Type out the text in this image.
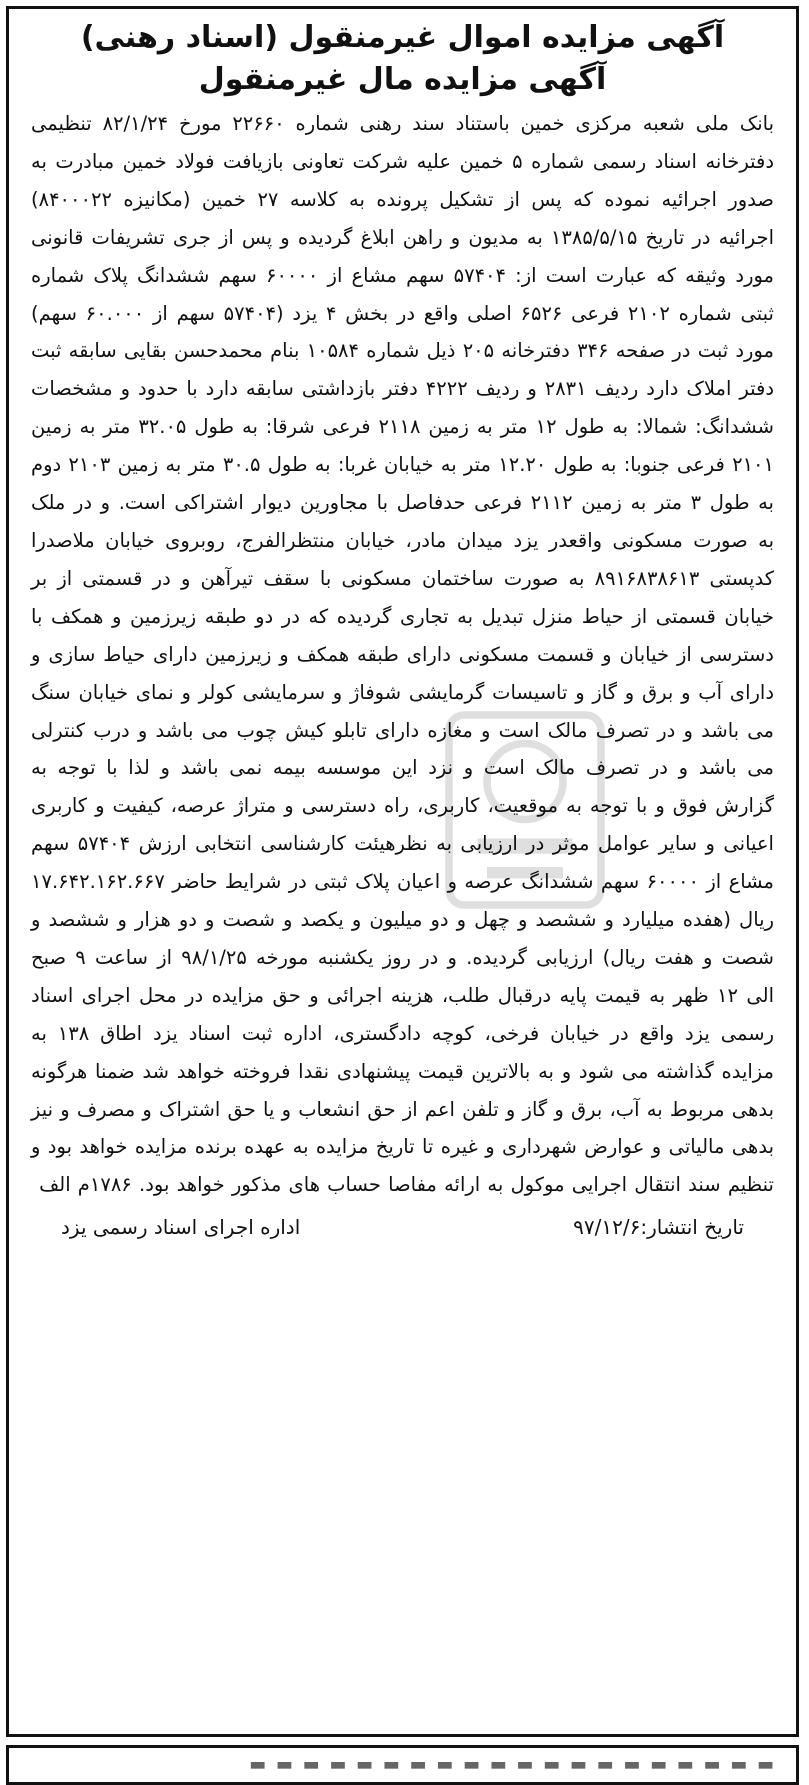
آگهی مزایده اموال غیرمنقول (اسناد رهنی)
آگهی مزایده مال غیرمنقول

بانک ملی شعبه مرکزی خمین باستناد سند رهنی شماره ۲۲۶۶۰ مورخ ۸۲/۱/۲۴ تنظیمی دفترخانه اسناد رسمی شماره ۵ خمین علیه شرکت تعاونی بازیافت فولاد خمین مبادرت به صدور اجرائیه نموده که پس از تشکیل پرونده به کلاسه ۲۷ خمین (مکانیزه ۸۴۰۰۰۲۲) اجرائیه در تاریخ ۱۳۸۵/۵/۱۵ به مدیون و راهن ابلاغ گردیده و پس از جری تشریفات قانونی مورد وثیقه که عبارت است از: ۵۷۴۰۴ سهم مشاع از ۶۰۰۰۰ سهم ششدانگ پلاک شماره ثبتی شماره ۲۱۰۲ فرعی ۶۵۲۶ اصلی واقع در بخش ۴ یزد (۵۷۴۰۴ سهم از ۶۰.۰۰۰ سهم) مورد ثبت در صفحه ۳۴۶ دفترخانه ۲۰۵ ذیل شماره ۱۰۵۸۴ بنام محمدحسن بقایی سابقه ثبت دفتر املاک دارد ردیف ۲۸۳۱ و ردیف ۴۲۲۲ دفتر بازداشتی سابقه دارد با حدود و مشخصات ششدانگ: شمالا: به طول ۱۲ متر به زمین ۲۱۱۸ فرعی شرقا: به طول ۳۲.۰۵ متر به زمین ۲۱۰۱ فرعی جنوبا: به طول ۱۲.۲۰ متر به خیابان غربا: به طول ۳۰.۵ متر به زمین ۲۱۰۳ دوم به طول ۳ متر به زمین ۲۱۱۲ فرعی حدفاصل با مجاورین دیوار اشتراکی است. و در ملک به صورت مسکونی واقعدر یزد میدان مادر، خیابان منتظرالفرج، روبروی خیابان ملاصدرا کدپستی ۸۹۱۶۸۳۸۶۱۳ به صورت ساختمان مسکونی با سقف تیرآهن و در قسمتی از بر خیابان قسمتی از حیاط منزل تبدیل به تجاری گردیده که در دو طبقه زیرزمین و همکف با دسترسی از خیابان و قسمت مسکونی دارای طبقه همکف و زیرزمین دارای حیاط سازی و دارای آب و برق و گاز و تاسیسات گرمایشی شوفاژ و سرمایشی کولر و نمای خیابان سنگ می باشد و در تصرف مالک است و مغازه دارای تابلو کیش چوب می باشد و درب کنترلی می باشد و در تصرف مالک است و نزد این موسسه بیمه نمی باشد و لذا با توجه به گزارش فوق و با توجه به موقعیت، کاربری، راه دسترسی و متراژ عرصه، کیفیت و کاربری اعیانی و سایر عوامل موثر در ارزیابی به نظرهیئت کارشناسی انتخابی ارزش ۵۷۴۰۴ سهم مشاع از ۶۰۰۰۰ سهم ششدانگ عرصه و اعیان پلاک ثبتی در شرایط حاضر ۱۷.۶۴۲.۱۶۲.۶۶۷ ریال (هفده میلیارد و ششصد و چهل و دو میلیون و یکصد و شصت و دو هزار و ششصد و شصت و هفت ریال) ارزیابی گردیده. و در روز یکشنبه مورخه ۹۸/۱/۲۵ از ساعت ۹ صبح الی ۱۲ ظهر به قیمت پایه درقبال طلب، هزینه اجرائی و حق مزایده در محل اجرای اسناد رسمی یزد واقع در خیابان فرخی، کوچه دادگستری، اداره ثبت اسناد یزد اطاق ۱۳۸ به مزایده گذاشته می شود و به بالاترین قیمت پیشنهادی نقدا فروخته خواهد شد ضمنا هرگونه بدهی مربوط به آب، برق و گاز و تلفن اعم از حق انشعاب و یا حق اشتراک و مصرف و نیز بدهی مالیاتی و عوارض شهرداری و غیره تا تاریخ مزایده به عهده برنده مزایده خواهد بود و تنظیم سند انتقال اجرایی موکول به ارائه مفاصا حساب های مذکور خواهد بود. ۱۷۸۶م الف

تاریخ انتشار:۹۷/۱۲/۶
اداره اجرای اسناد رسمی یزد
▬ ▬ ▬ ▬ ▬ ▬ ▬ ▬ ▬ ▬ ▬ ▬ ▬ ▬ ▬ ▬ ▬ ▬ ▬ ▬
